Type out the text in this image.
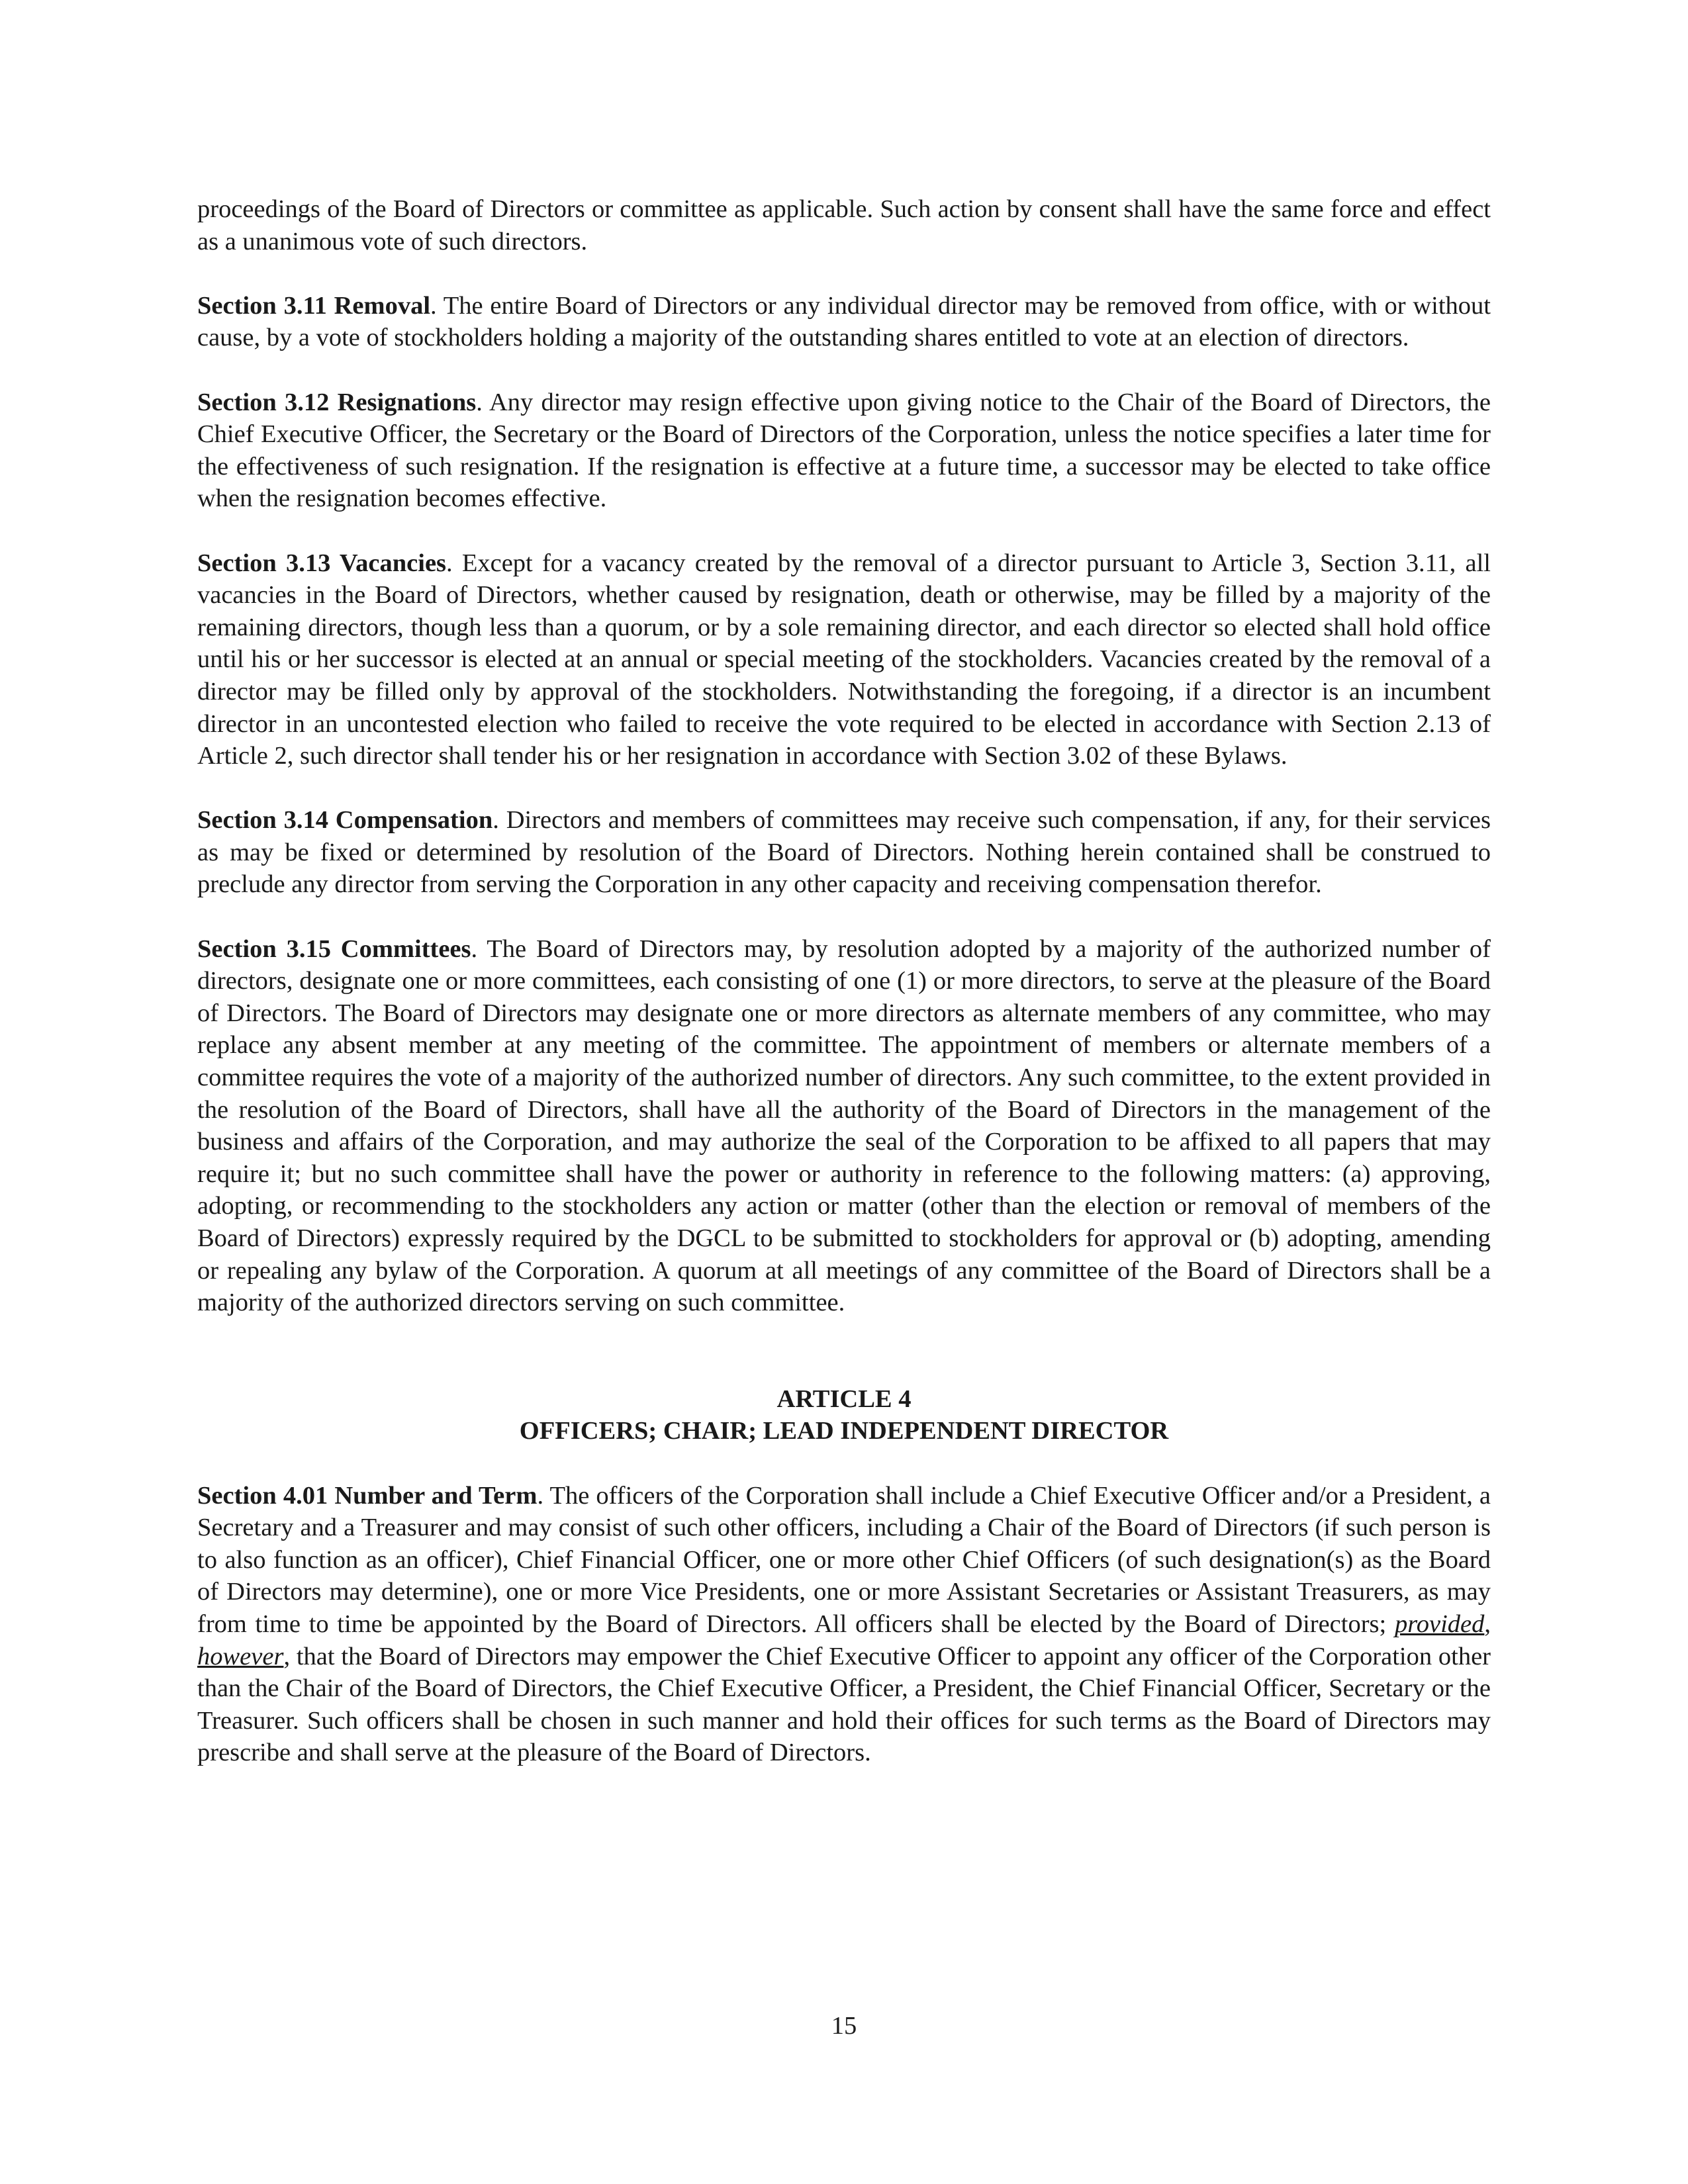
proceedings of the Board of Directors or committee as applicable. Such action by consent shall have the same force and effect as a unanimous vote of such directors.

Section 3.11 Removal. The entire Board of Directors or any individual director may be removed from office, with or without cause, by a vote of stockholders holding a majority of the outstanding shares entitled to vote at an election of directors.

Section 3.12 Resignations. Any director may resign effective upon giving notice to the Chair of the Board of Directors, the Chief Executive Officer, the Secretary or the Board of Directors of the Corporation, unless the notice specifies a later time for the effectiveness of such resignation. If the resignation is effective at a future time, a successor may be elected to take office when the resignation becomes effective.

Section 3.13 Vacancies. Except for a vacancy created by the removal of a director pursuant to Article 3, Section 3.11, all vacancies in the Board of Directors, whether caused by resignation, death or otherwise, may be filled by a majority of the remaining directors, though less than a quorum, or by a sole remaining director, and each director so elected shall hold office until his or her successor is elected at an annual or special meeting of the stockholders. Vacancies created by the removal of a director may be filled only by approval of the stockholders. Notwithstanding the foregoing, if a director is an incumbent director in an uncontested election who failed to receive the vote required to be elected in accordance with Section 2.13 of Article 2, such director shall tender his or her resignation in accordance with Section 3.02 of these Bylaws.

Section 3.14 Compensation. Directors and members of committees may receive such compensation, if any, for their services as may be fixed or determined by resolution of the Board of Directors. Nothing herein contained shall be construed to preclude any director from serving the Corporation in any other capacity and receiving compensation therefor.

Section 3.15 Committees. The Board of Directors may, by resolution adopted by a majority of the authorized number of directors, designate one or more committees, each consisting of one (1) or more directors, to serve at the pleasure of the Board of Directors. The Board of Directors may designate one or more directors as alternate members of any committee, who may replace any absent member at any meeting of the committee. The appointment of members or alternate members of a committee requires the vote of a majority of the authorized number of directors. Any such committee, to the extent provided in the resolution of the Board of Directors, shall have all the authority of the Board of Directors in the management of the business and affairs of the Corporation, and may authorize the seal of the Corporation to be affixed to all papers that may require it; but no such committee shall have the power or authority in reference to the following matters: (a) approving, adopting, or recommending to the stockholders any action or matter (other than the election or removal of members of the Board of Directors) expressly required by the DGCL to be submitted to stockholders for approval or (b) adopting, amending or repealing any bylaw of the Corporation. A quorum at all meetings of any committee of the Board of Directors shall be a majority of the authorized directors serving on such committee.

ARTICLE 4
OFFICERS; CHAIR; LEAD INDEPENDENT DIRECTOR

Section 4.01 Number and Term. The officers of the Corporation shall include a Chief Executive Officer and/or a President, a Secretary and a Treasurer and may consist of such other officers, including a Chair of the Board of Directors (if such person is to also function as an officer), Chief Financial Officer, one or more other Chief Officers (of such designation(s) as the Board of Directors may determine), one or more Vice Presidents, one or more Assistant Secretaries or Assistant Treasurers, as may from time to time be appointed by the Board of Directors. All officers shall be elected by the Board of Directors; provided, however, that the Board of Directors may empower the Chief Executive Officer to appoint any officer of the Corporation other than the Chair of the Board of Directors, the Chief Executive Officer, a President, the Chief Financial Officer, Secretary or the Treasurer. Such officers shall be chosen in such manner and hold their offices for such terms as the Board of Directors may prescribe and shall serve at the pleasure of the Board of Directors.

15
